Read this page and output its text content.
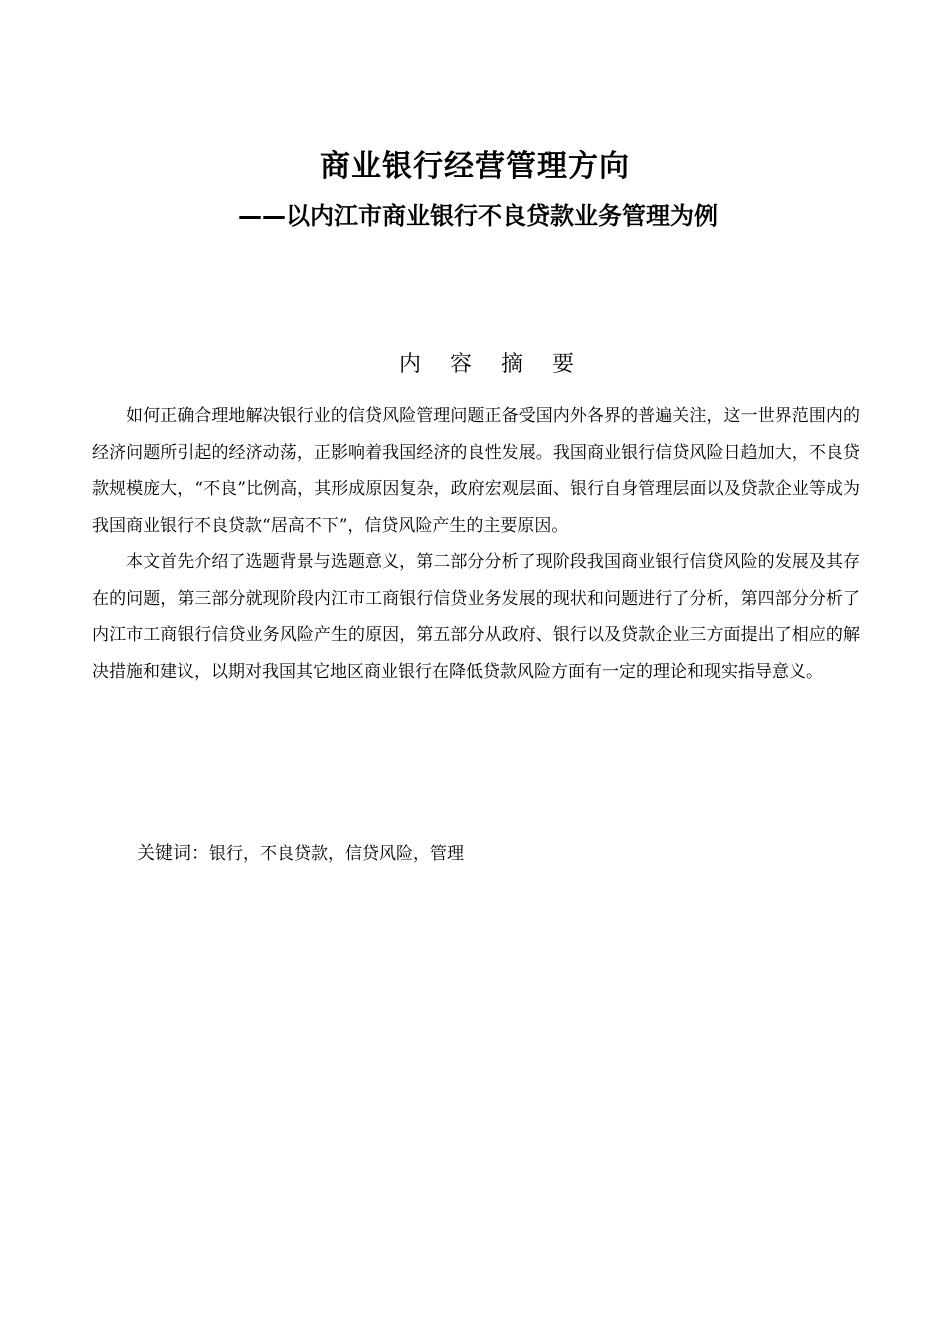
商业银行经营管理方向
——以内江市商业银行不良贷款业务管理为例
内容摘要

如何正确合理地解决银行业的信贷风险管理问题正备受国内外各界的普遍关注，这一世界范围内的经济问题所引起的经济动荡，正影响着我国经济的良性发展。我国商业银行信贷风险日趋加大，不良贷款规模庞大，“不良”比例高，其形成原因复杂，政府宏观层面、银行自身管理层面以及贷款企业等成为我国商业银行不良贷款“居高不下”，信贷风险产生的主要原因。

本文首先介绍了选题背景与选题意义，第二部分分析了现阶段我国商业银行信贷风险的发展及其存在的问题，第三部分就现阶段内江市工商银行信贷业务发展的现状和问题进行了分析，第四部分分析了内江市工商银行信贷业务风险产生的原因，第五部分从政府、银行以及贷款企业三方面提出了相应的解决措施和建议，以期对我国其它地区商业银行在降低贷款风险方面有一定的理论和现实指导意义。

关键词：银行，不良贷款，信贷风险，管理
